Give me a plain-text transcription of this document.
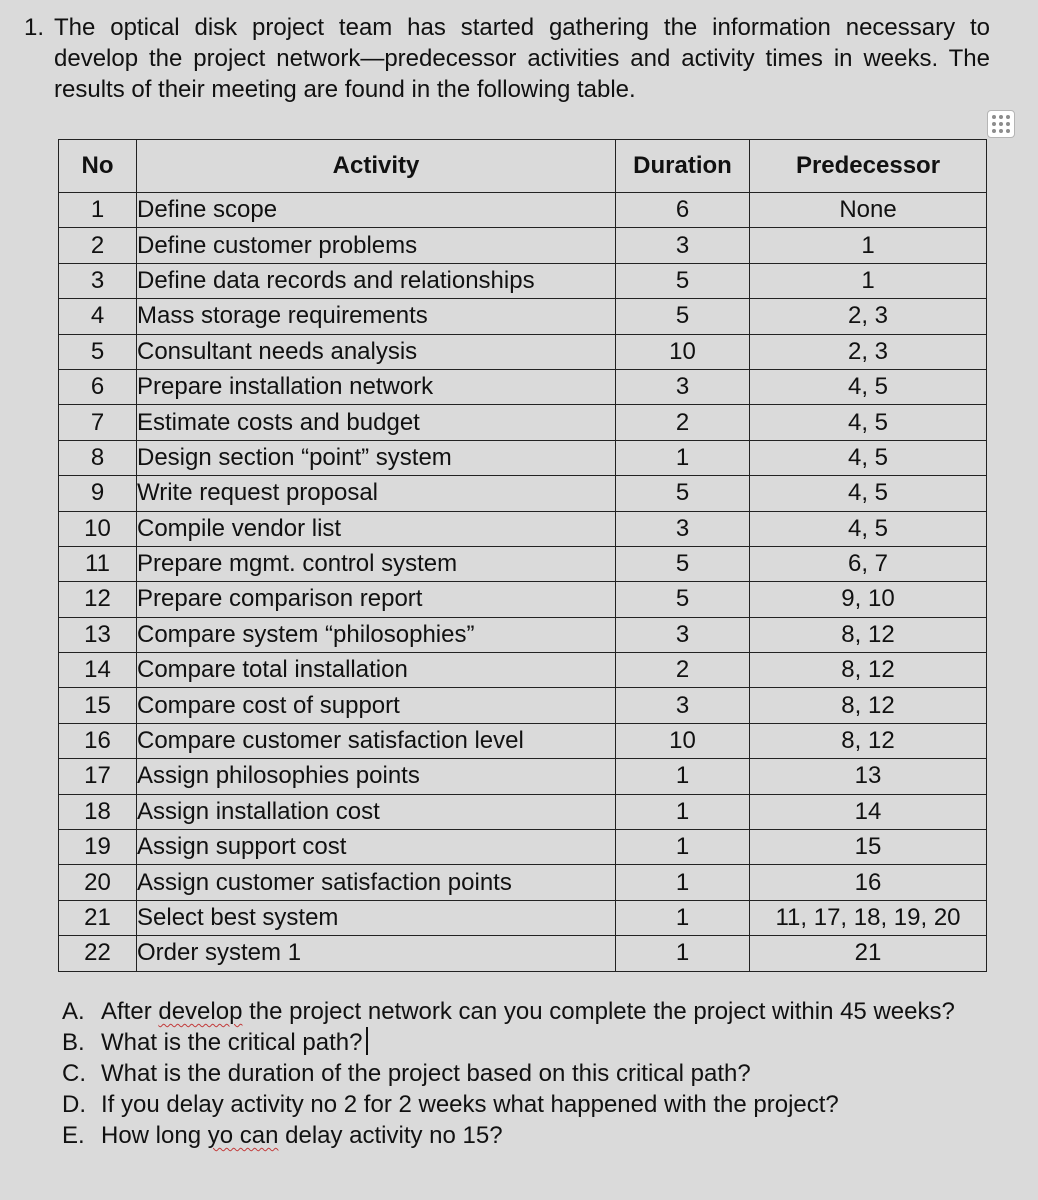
1. The optical disk project team has started gathering the information necessary to develop the project network—predecessor activities and activity times in weeks. The results of their meeting are found in the following table.
No	Activity	Duration	Predecessor
1	Define scope	6	None
2	Define customer problems	3	1
3	Define data records and relationships	5	1
4	Mass storage requirements	5	2, 3
5	Consultant needs analysis	10	2, 3
6	Prepare installation network	3	4, 5
7	Estimate costs and budget	2	4, 5
8	Design section “point” system	1	4, 5
9	Write request proposal	5	4, 5
10	Compile vendor list	3	4, 5
11	Prepare mgmt. control system	5	6, 7
12	Prepare comparison report	5	9, 10
13	Compare system “philosophies”	3	8, 12
14	Compare total installation	2	8, 12
15	Compare cost of support	3	8, 12
16	Compare customer satisfaction level	10	8, 12
17	Assign philosophies points	1	13
18	Assign installation cost	1	14
19	Assign support cost	1	15
20	Assign customer satisfaction points	1	16
21	Select best system	1	11, 17, 18, 19, 20
22	Order system 1	1	21
A. After develop the project network can you complete the project within 45 weeks?
B. What is the critical path?
C. What is the duration of the project based on this critical path?
D. If you delay activity no 2 for 2 weeks what happened with the project?
E. How long yo can delay activity no 15?
